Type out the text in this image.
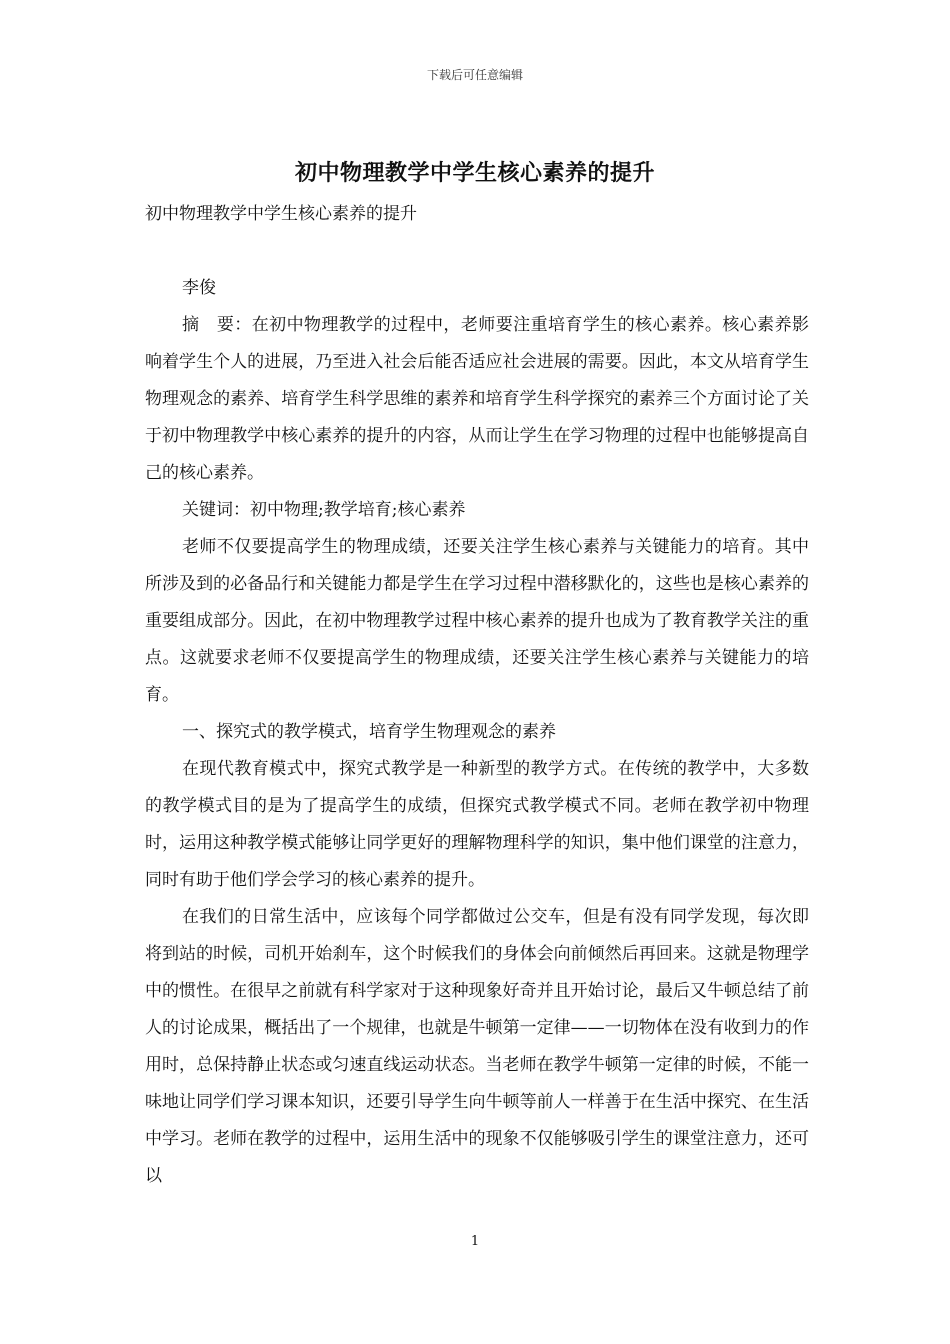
下载后可任意编辑
初中物理教学中学生核心素养的提升
初中物理教学中学生核心素养的提升
李俊
摘　要：在初中物理教学的过程中，老师要注重培育学生的核心素养。核心素养影响着学生个人的进展，乃至进入社会后能否适应社会进展的需要。因此，本文从培育学生物理观念的素养、培育学生科学思维的素养和培育学生科学探究的素养三个方面讨论了关于初中物理教学中核心素养的提升的内容，从而让学生在学习物理的过程中也能够提高自己的核心素养。
关键词：初中物理;教学培育;核心素养
老师不仅要提高学生的物理成绩，还要关注学生核心素养与关键能力的培育。其中所涉及到的必备品行和关键能力都是学生在学习过程中潜移默化的，这些也是核心素养的重要组成部分。因此，在初中物理教学过程中核心素养的提升也成为了教育教学关注的重点。这就要求老师不仅要提高学生的物理成绩，还要关注学生核心素养与关键能力的培育。
一、探究式的教学模式，培育学生物理观念的素养
在现代教育模式中，探究式教学是一种新型的教学方式。在传统的教学中，大多数的教学模式目的是为了提高学生的成绩，但探究式教学模式不同。老师在教学初中物理时，运用这种教学模式能够让同学更好的理解物理科学的知识，集中他们课堂的注意力，同时有助于他们学会学习的核心素养的提升。
在我们的日常生活中，应该每个同学都做过公交车，但是有没有同学发现，每次即将到站的时候，司机开始刹车，这个时候我们的身体会向前倾然后再回来。这就是物理学中的惯性。在很早之前就有科学家对于这种现象好奇并且开始讨论，最后又牛顿总结了前人的讨论成果，概括出了一个规律，也就是牛顿第一定律——一切物体在没有收到力的作用时，总保持静止状态或匀速直线运动状态。当老师在教学牛顿第一定律的时候，不能一味地让同学们学习课本知识，还要引导学生向牛顿等前人一样善于在生活中探究、在生活中学习。老师在教学的过程中，运用生活中的现象不仅能够吸引学生的课堂注意力，还可以
1
